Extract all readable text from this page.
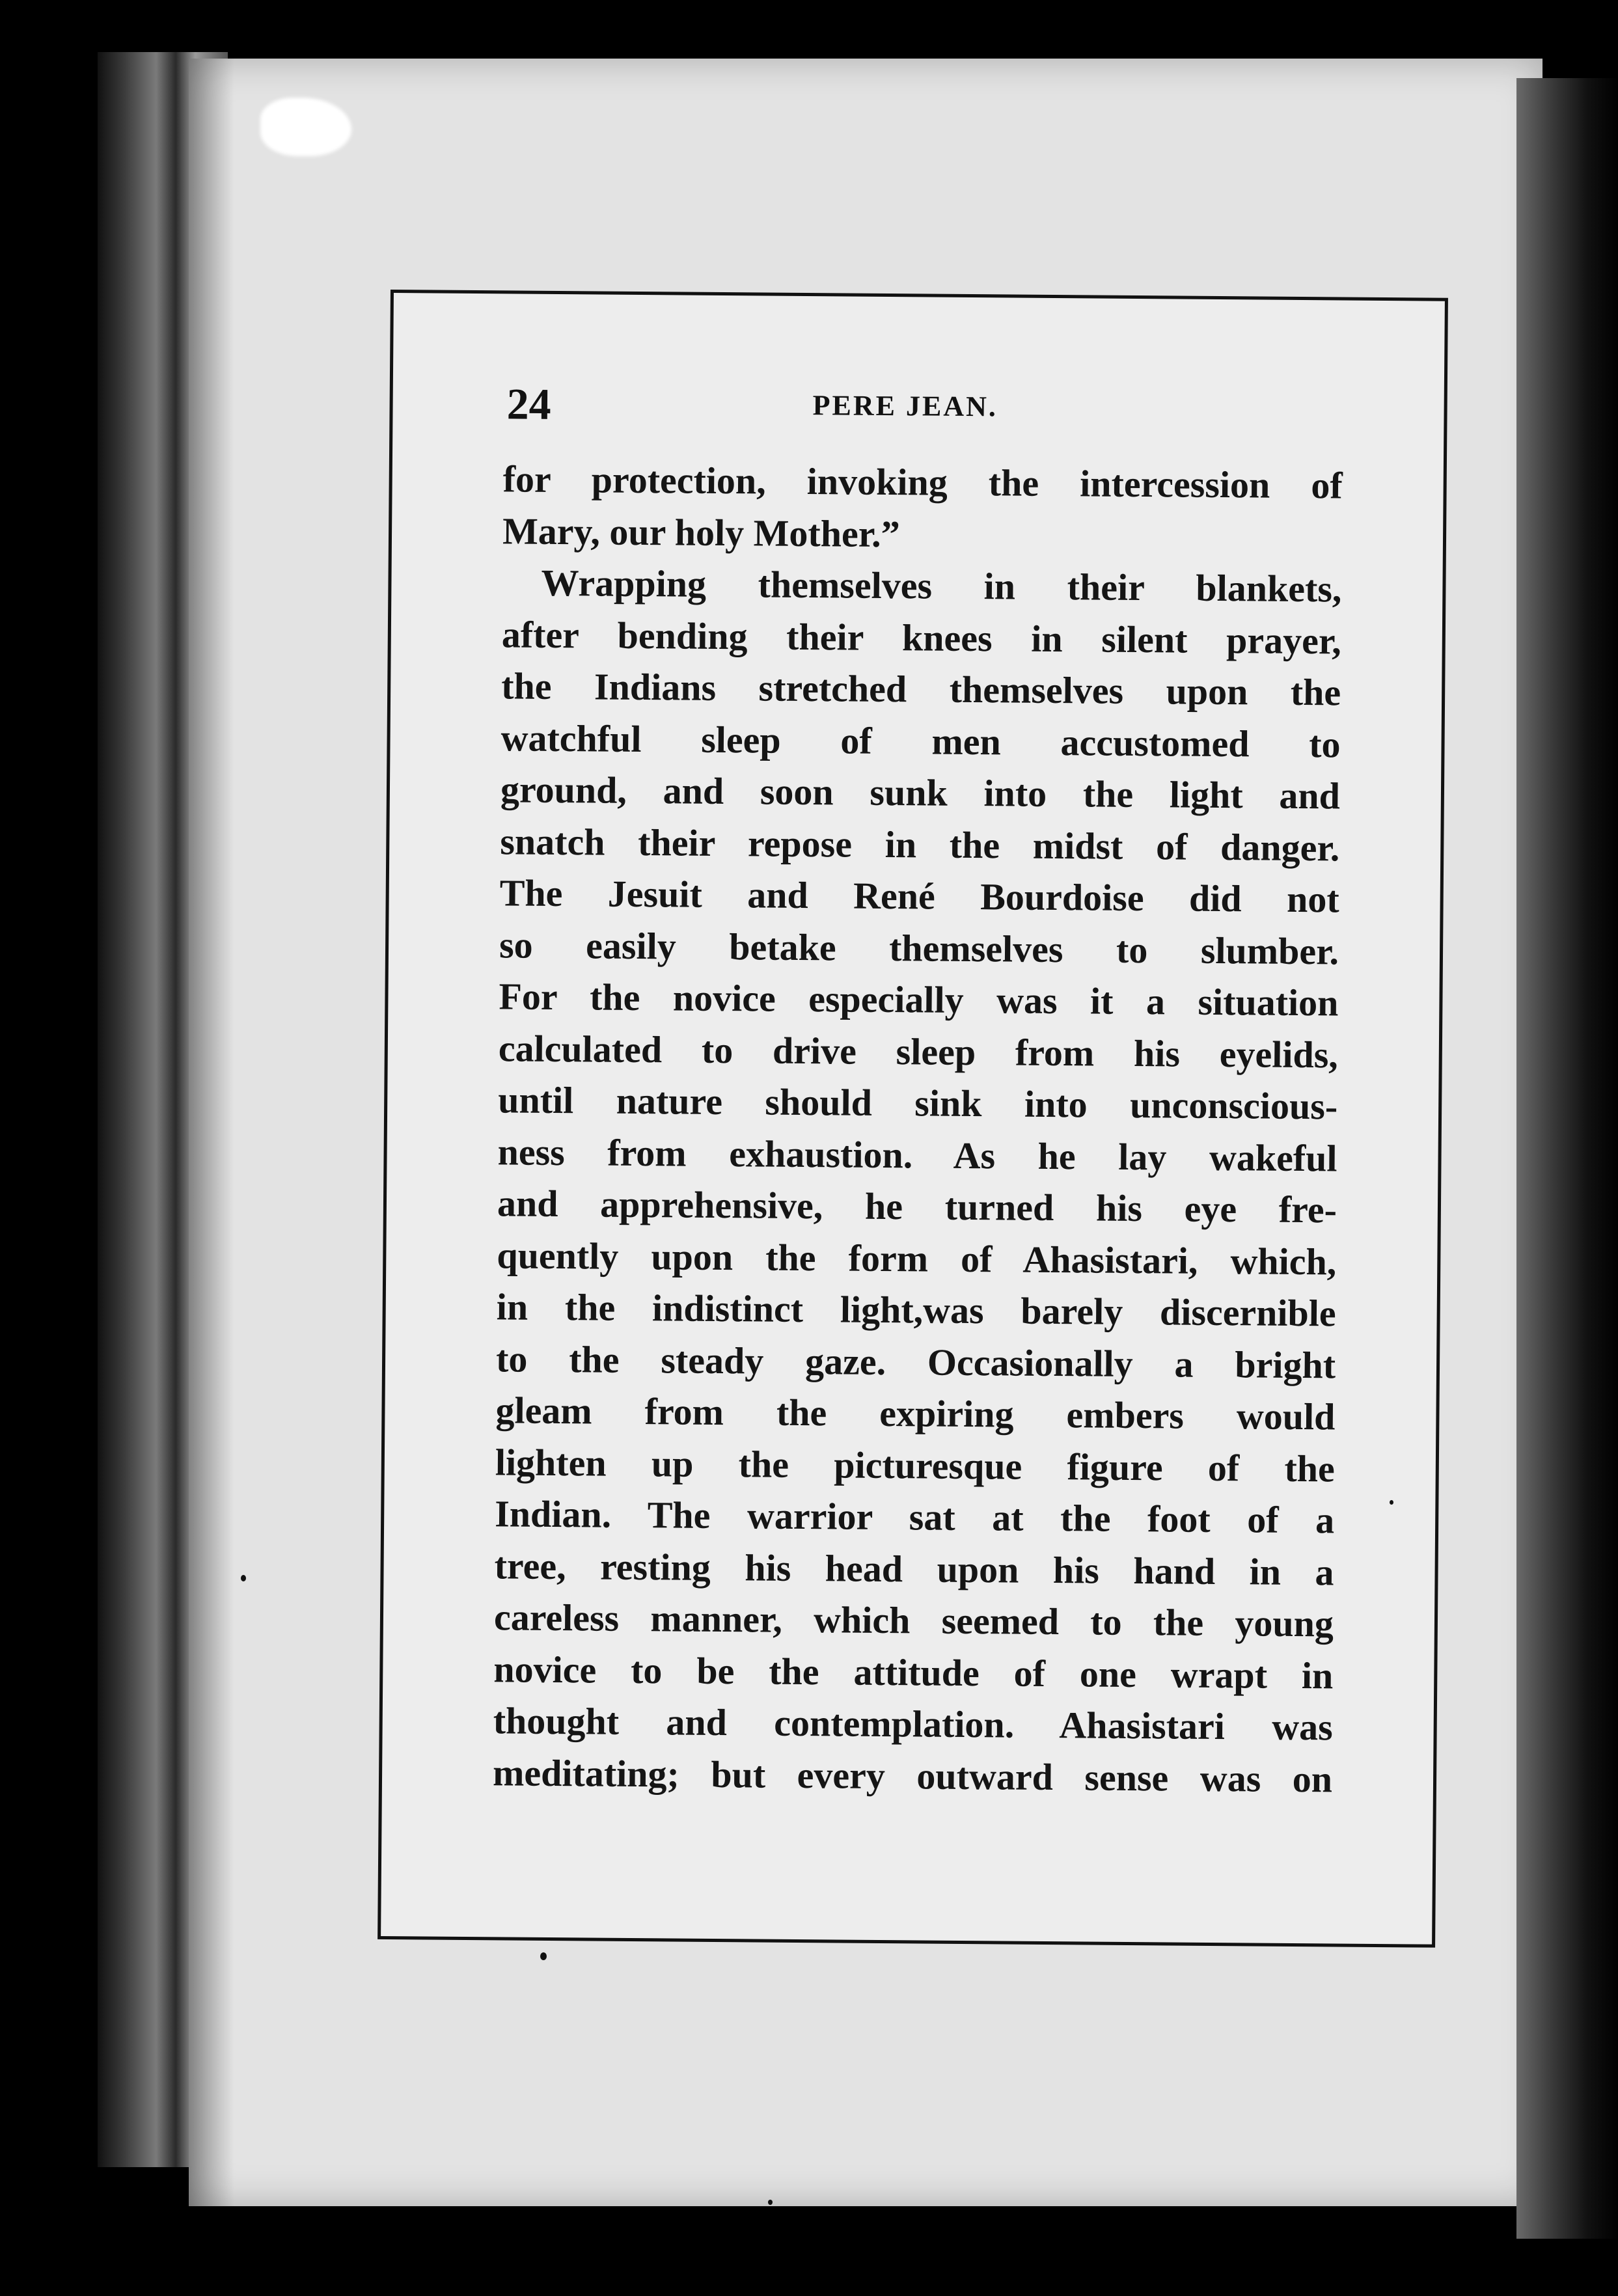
24	PERE JEAN.
for protection, invoking the intercession of
Mary, our holy Mother.”
Wrapping themselves in their blankets,
after bending their knees in silent prayer,
the Indians stretched themselves upon the
watchful sleep of men accustomed to
ground, and soon sunk into the light and
snatch their repose in the midst of danger.
The Jesuit and René Bourdoise did not
so easily betake themselves to slumber.
For the novice especially was it a situation
calculated to drive sleep from his eyelids,
until nature should sink into unconscious-
ness from exhaustion. As he lay wakeful
and apprehensive, he turned his eye fre-
quently upon the form of Ahasistari, which,
in the indistinct light,was barely discernible
to the steady gaze. Occasionally a bright
gleam from the expiring embers would
lighten up the picturesque figure of the
Indian. The warrior sat at the foot of a
tree, resting his head upon his hand in a
careless manner, which seemed to the young
novice to be the attitude of one wrapt in
thought and contemplation. Ahasistari was
meditating; but every outward sense was on
